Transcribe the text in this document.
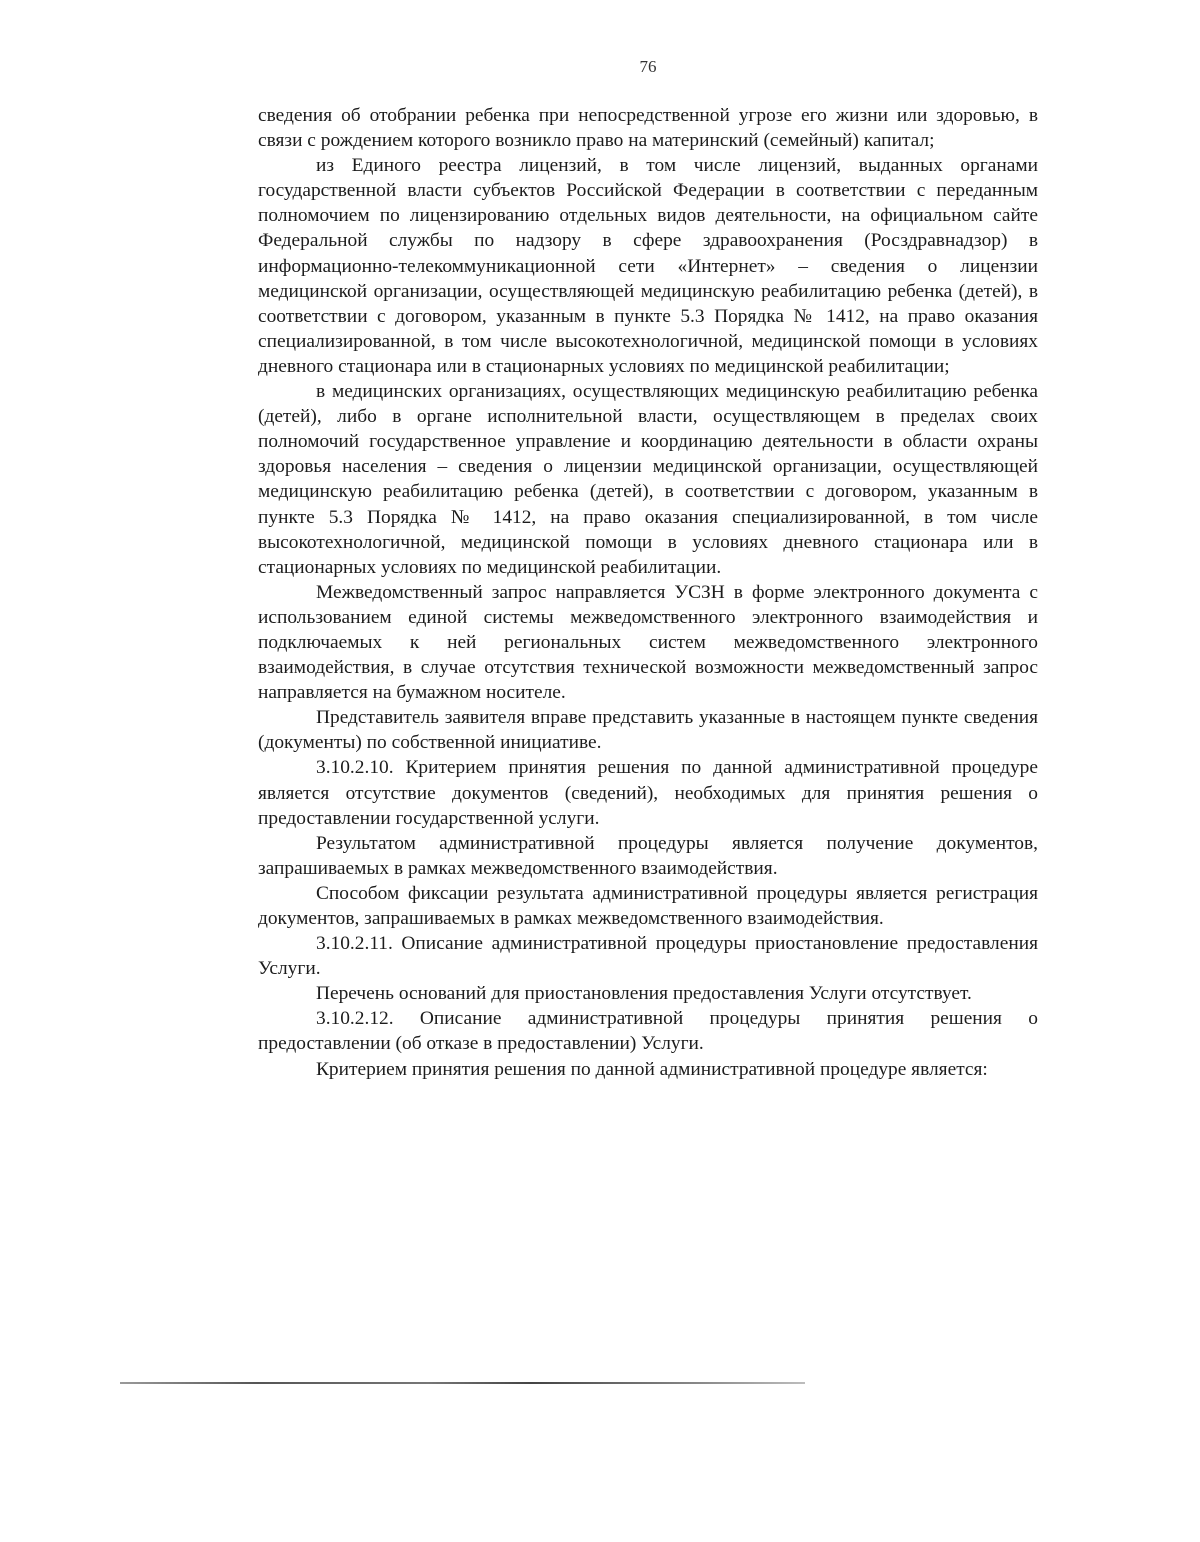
76

сведения об отобрании ребенка при непосредственной угрозе его жизни или здоровью, в связи с рождением которого возникло право на материнский (семейный) капитал;

из Единого реестра лицензий, в том числе лицензий, выданных органами государственной власти субъектов Российской Федерации в соответствии с переданным полномочием по лицензированию отдельных видов деятельности, на официальном сайте Федеральной службы по надзору в сфере здравоохранения (Росздравнадзор) в информационно-телекоммуникационной сети «Интернет» – сведения о лицензии медицинской организации, осуществляющей медицинскую реабилитацию ребенка (детей), в соответствии с договором, указанным в пункте 5.3 Порядка № 1412, на право оказания специализированной, в том числе высокотехнологичной, медицинской помощи в условиях дневного стационара или в стационарных условиях по медицинской реабилитации;

в медицинских организациях, осуществляющих медицинскую реабилитацию ребенка (детей), либо в органе исполнительной власти, осуществляющем в пределах своих полномочий государственное управление и координацию деятельности в области охраны здоровья населения – сведения о лицензии медицинской организации, осуществляющей медицинскую реабилитацию ребенка (детей), в соответствии с договором, указанным в пункте 5.3 Порядка № 1412, на право оказания специализированной, в том числе высокотехнологичной, медицинской помощи в условиях дневного стационара или в стационарных условиях по медицинской реабилитации.

Межведомственный запрос направляется УСЗН в форме электронного документа с использованием единой системы межведомственного электронного взаимодействия и подключаемых к ней региональных систем межведомственного электронного взаимодействия, в случае отсутствия технической возможности межведомственный запрос направляется на бумажном носителе.

Представитель заявителя вправе представить указанные в настоящем пункте сведения (документы) по собственной инициативе.

3.10.2.10. Критерием принятия решения по данной административной процедуре является отсутствие документов (сведений), необходимых для принятия решения о предоставлении государственной услуги.

Результатом административной процедуры является получение документов, запрашиваемых в рамках межведомственного взаимодействия.

Способом фиксации результата административной процедуры является регистрация документов, запрашиваемых в рамках межведомственного взаимодействия.

3.10.2.11. Описание административной процедуры приостановление предоставления Услуги.

Перечень оснований для приостановления предоставления Услуги отсутствует.

3.10.2.12. Описание административной процедуры принятия решения о предоставлении (об отказе в предоставлении) Услуги.

Критерием принятия решения по данной административной процедуре является:
